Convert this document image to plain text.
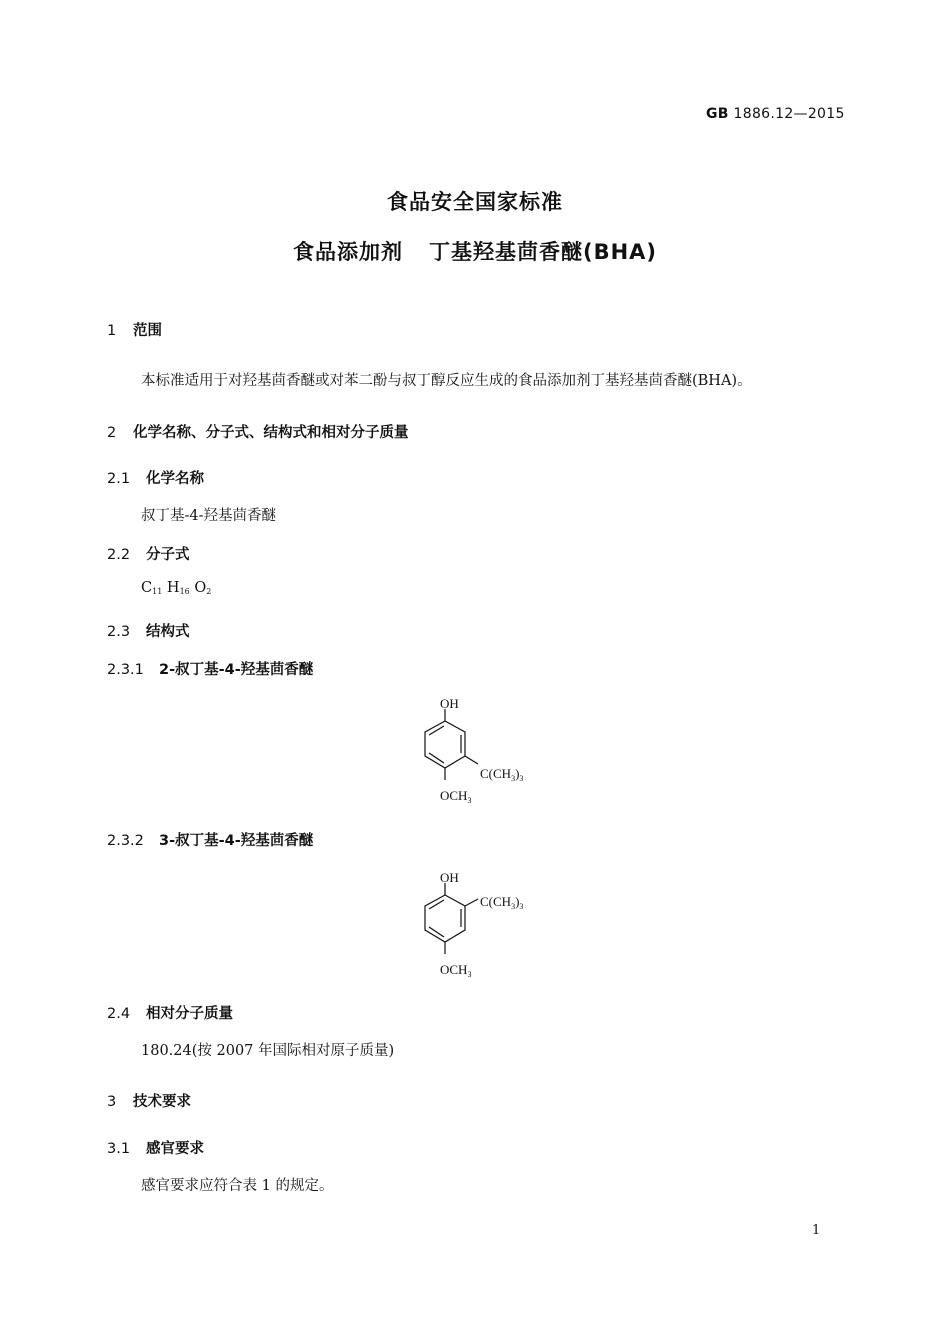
GB 1886.12—2015
食品安全国家标准
食品添加剂 丁基羟基茴香醚(BHA)
1 范围
本标准适用于对羟基茴香醚或对苯二酚与叔丁醇反应生成的食品添加剂丁基羟基茴香醚(BHA)。
2 化学名称、分子式、结构式和相对分子质量
2.1 化学名称
叔丁基-4-羟基茴香醚
2.2 分子式
$C_{11}$ $H_{16}$ $O_2$
2.3 结构式
2.3.1 2-叔丁基-4-羟基茴香醚
OH
$C(CH_3)_3$
$OCH_3$
2.3.2 3-叔丁基-4-羟基茴香醚
OH
$C(CH_3)_3$
$OCH_3$
2.4 相对分子质量
180.24(按 2007 年国际相对原子质量)
3 技术要求
3.1 感官要求
感官要求应符合表 1 的规定。
1
